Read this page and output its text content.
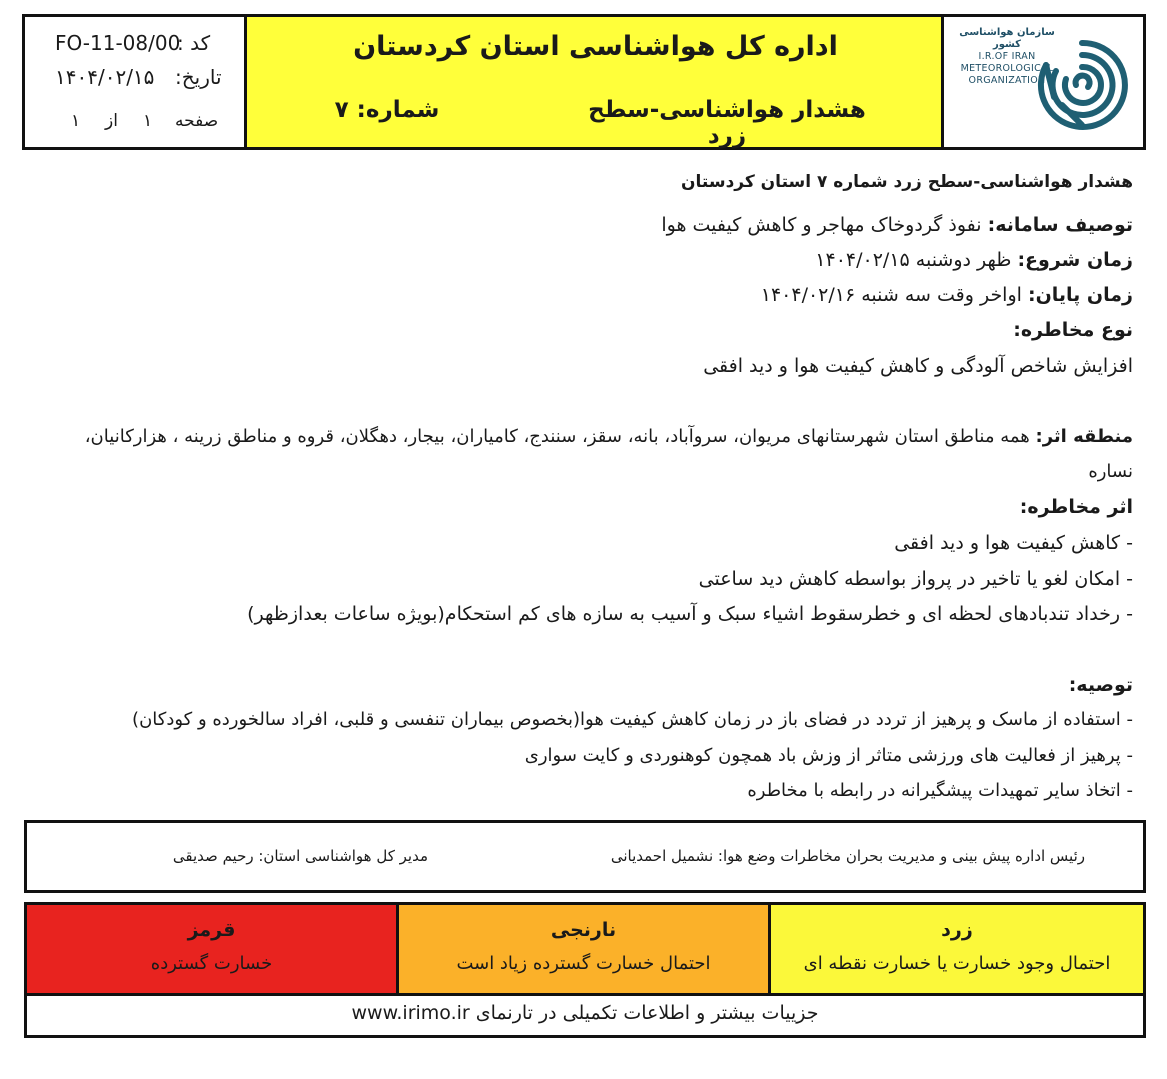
FO-11-08/00
کد :
۱۴۰۴/۰۲/۱۵ تاریخ:
۱ از ۱ صفحه
اداره کل هواشناسی استان کردستان
هشدار هواشناسی-سطح زرد
شماره: ۷
سازمان هواشناسی کشور
I.R.OF IRAN
METEOROLOGICAL
ORGANIZATION
هشدار هواشناسی-سطح زرد شماره ۷ استان کردستان
توصیف سامانه: نفوذ گردوخاک مهاجر و کاهش کیفیت هوا
زمان شروع: ظهر دوشنبه ۱۴۰۴/۰۲/۱۵
زمان پایان: اواخر وقت سه شنبه ۱۴۰۴/۰۲/۱۶
نوع مخاطره:
افزایش شاخص آلودگی و کاهش کیفیت هوا و دید افقی
منطقه اثر: همه مناطق استان شهرستانهای مریوان، سروآباد، بانه، سقز، سنندج، کامیاران، بیجار، دهگلان، قروه و مناطق زرینه ، هزارکانیان،
نساره
اثر مخاطره:
- کاهش کیفیت هوا و دید افقی
- امکان لغو یا تاخیر در پرواز بواسطه کاهش دید ساعتی
- رخداد تندبادهای لحظه ای و خطرسقوط اشیاء سبک و آسیب به سازه های کم استحکام(بویژه ساعات بعدازظهر)
توصیه:
- استفاده از ماسک و پرهیز از تردد در فضای باز در زمان کاهش کیفیت هوا(بخصوص بیماران تنفسی و قلبی، افراد سالخورده و کودکان)
- پرهیز از فعالیت های ورزشی متاثر از وزش باد همچون کوهنوردی و کایت سواری
- اتخاذ سایر تمهیدات پیشگیرانه در رابطه با مخاطره
رئیس اداره پیش بینی و مدیریت بحران مخاطرات وضع هوا: نشمیل احمدیانی
مدیر کل هواشناسی استان: رحیم صدیقی
قرمز
خسارت گسترده
نارنجی
احتمال خسارت گسترده زیاد است
زرد
احتمال وجود خسارت یا خسارت نقطه ای
جزییات بیشتر و اطلاعات تکمیلی در تارنمای www.irimo.ir
